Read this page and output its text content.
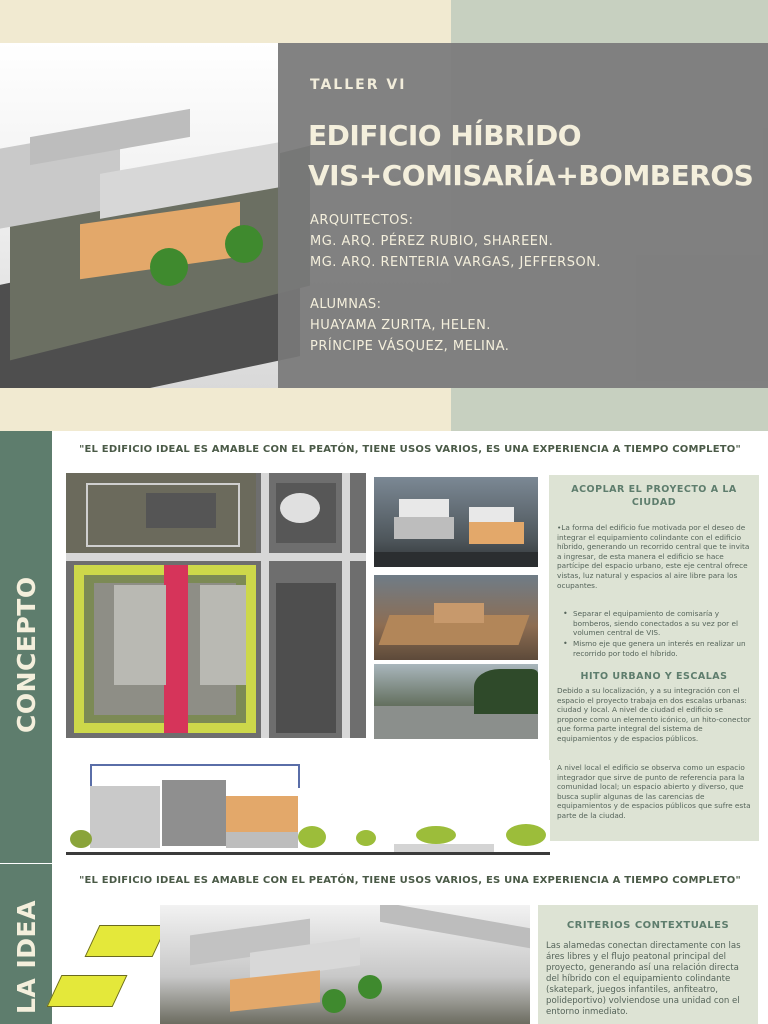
TALLER VI
EDIFICIO HÍBRIDO
VIS+COMISARÍA+BOMBEROS
ARQUITECTOS:
MG. ARQ. PÉREZ RUBIO, SHAREEN.
MG. ARQ. RENTERIA VARGAS, JEFFERSON.
ALUMNAS:
HUAYAMA ZURITA, HELEN.
PRÍNCIPE VÁSQUEZ, MELINA.
CONCEPTO
LA IDEA
"EL EDIFICIO IDEAL ES AMABLE CON EL PEATÓN, TIENE USOS VARIOS, ES UNA EXPERIENCIA A TIEMPO COMPLETO"
ACOPLAR EL PROYECTO A LA
CIUDAD
•La forma del edificio fue motivada por el deseo de integrar el equipamiento colindante con el edificio híbrido, generando un recorrido central que te invita a ingresar, de esta manera el edificio se hace partícipe del espacio urbano, este eje central ofrece vistas, luz natural y espacios al aire libre para los ocupantes.
• Separar el equipamiento de comisaría y bomberos, siendo conectados a su vez por el volumen central de VIS.
• Mismo eje que genera un interés en realizar un recorrido por todo el híbrido.
HITO URBANO Y ESCALAS
Debido a su localización, y a su integración con el espacio el proyecto trabaja en dos escalas urbanas: ciudad y local. A nivel de ciudad el edificio se propone como un elemento icónico, un hito-conector que forma parte integral del sistema de equipamientos y de espacios públicos.
A nivel local el edificio se observa como un espacio integrador que sirve de punto de referencia para la comunidad local; un espacio abierto y diverso, que busca suplir algunas de las carencias de equipamientos y de espacios públicos que sufre esta parte de la ciudad.
"EL EDIFICIO IDEAL ES AMABLE CON EL PEATÓN, TIENE USOS VARIOS, ES UNA EXPERIENCIA A TIEMPO COMPLETO"
CRITERIOS CONTEXTUALES
Las alamedas conectan directamente con las áres libres y el flujo peatonal principal del proyecto, generando así una relación directa del híbrido con el equipamiento colindante (skatepark, juegos infantiles, anfiteatro, polideportivo) volviendose una unidad con el entorno inmediato.
